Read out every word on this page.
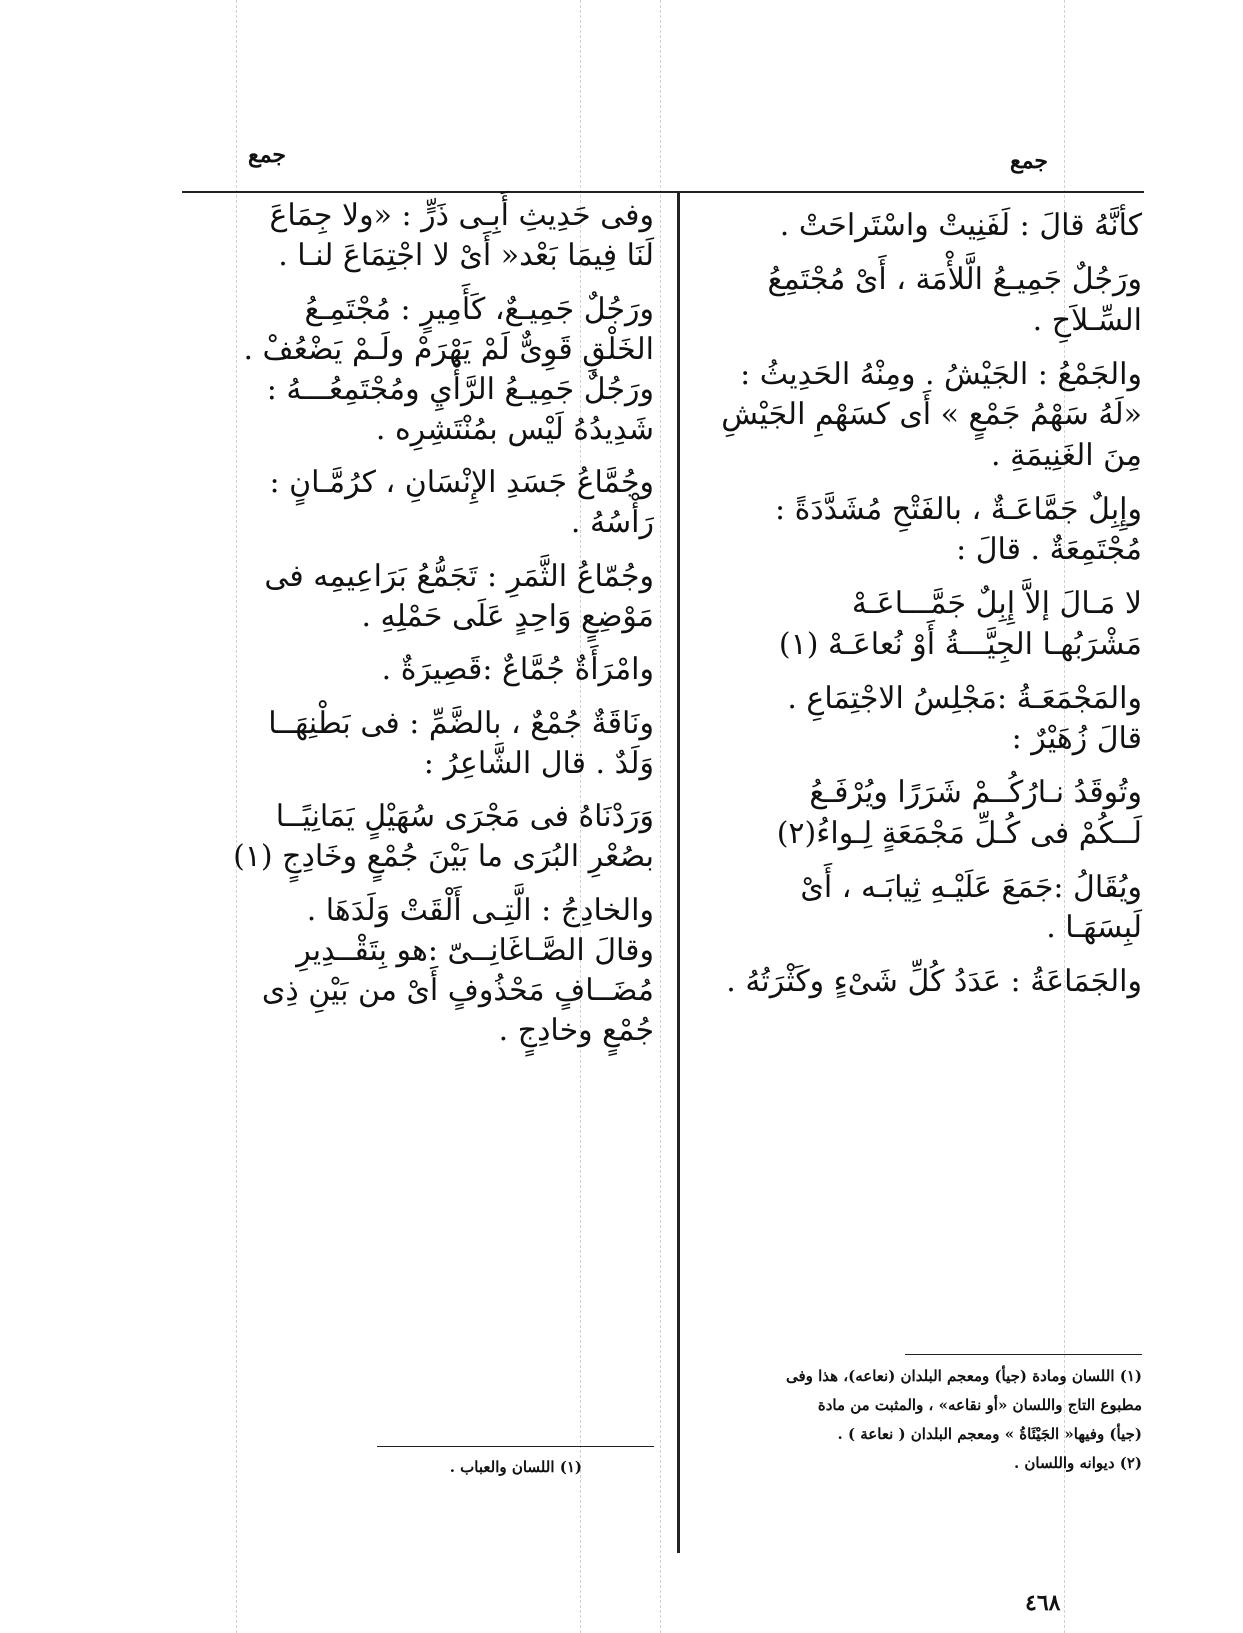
جمع	جمع

كأنَّهُ قالَ : لَفَنِيتْ واسْتَراحَتْ .

ورَجُلٌ جَمِيـعُ الَّلأْمَة ، أَىْ مُجْتَمِعُ

السِّـلاَحِ .

والجَمْعُ : الجَيْشُ . ومِنْهُ الحَدِيثُ :

«لَهُ سَهْمُ جَمْعٍ » أَى كسَهْمِ الجَيْشِ

مِنَ الغَنِيمَةِ .

وإِبِلٌ جَمَّاعَـةٌ ، بالفَتْحِ مُشَدَّدَةً :

مُجْتَمِعَةٌ . قالَ :

لا مَـالَ إلاَّ إِبِلٌ جَمَّـــاعَـهْ

مَشْرَبُهـا الجِيَّـــةُ أَوْ نُعاعَـهْ (١)

والمَجْمَعَـةُ :مَجْلِسُ الاجْتِمَاعِ .

قالَ زُهَيْرٌ :

وتُوقَدُ نـارُكُــمْ شَرَرًا ويُرْفَـعُ

لَــكُمْ فى كُـلِّ مَجْمَعَةٍ لِـواءُ(٢)

ويُقَالُ :جَمَعَ عَلَيْـهِ ثِيابَـه ، أَىْ

لَبِسَهَـا .

والجَمَاعَةُ : عَدَدُ كُلِّ شَىْءٍ وكَثْرَتُهُ .

وفى حَدِيثِ أَبِـى ذَرٍّ : «ولا جِمَاعَ

لَنَا فِيمَا بَعْد« أَىْ لا اجْتِمَاعَ لنـا .

ورَجُلٌ جَمِيـعٌ، كَأَمِيرٍ : مُجْتَمِـعُ

الخَلْقِ قَوِىٌّ لَمْ يَهْرَمْ ولَـمْ يَضْعُفْ .

ورَجُلٌ جَمِيـعُ الرَّأْيِ ومُجْتَمِعُـــهُ :

شَدِيدُهُ لَيْس بمُنْتَشِرِه .

وجُمَّاعُ جَسَدِ الإِنْسَانِ ، كرُمَّـانٍ :

رَأْسُهُ .

وجُمّاعُ الثَّمَرِ : تَجَمُّعُ بَرَاعِيمِه فى

مَوْضِعٍ وَاحِدٍ عَلَى حَمْلِهِ .

وامْرَأَةٌ جُمَّاعٌ :قَصِيرَةٌ .

ونَاقَةٌ جُمْعٌ ، بالضَّمِّ : فى بَطْنِهَــا

وَلَدٌ . قال الشَّاعِرُ :

وَرَدْنَاهُ فى مَجْرَى سُهَيْلٍ يَمَانِيًــا

بصُعْرِ البُرَى ما بَيْنَ جُمْعٍ وخَادِجٍ (١)

والخادِجُ : الَّتِـى أَلْقَتْ وَلَدَهَا .

وقالَ الصَّـاغَانِــىّ :هو بِتَقْــدِيرِ

مُضَــافٍ مَحْذُوفٍ أَىْ من بَيْنِ ذِى

جُمْعٍ وخادِجٍ .

(١) اللسان ومادة (جيأ) ومعجم البلدان (نعاعه)، هذا وفى

مطبوع التاج واللسان «أو نقاعه» ، والمثبت من مادة

(جيأ) وفيها« الجَيْئَاةُ » ومعجم البلدان ( نعاعة ) .

(٢) ديوانه واللسان .

(١) اللسان والعباب .

٤٦٨
